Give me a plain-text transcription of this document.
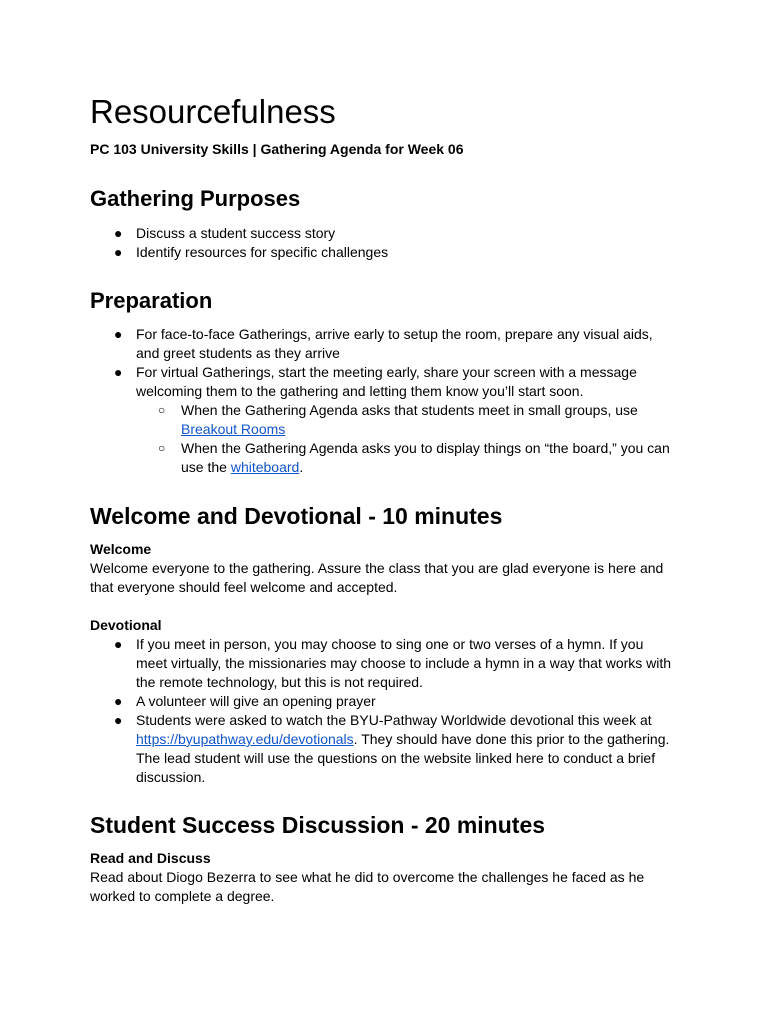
Resourcefulness
PC 103 University Skills | Gathering Agenda for Week 06
Gathering Purposes
● Discuss a student success story
● Identify resources for specific challenges
Preparation
● For face-to-face Gatherings, arrive early to setup the room, prepare any visual aids, and greet students as they arrive
● For virtual Gatherings, start the meeting early, share your screen with a message welcoming them to the gathering and letting them know you’ll start soon.
○ When the Gathering Agenda asks that students meet in small groups, use Breakout Rooms
○ When the Gathering Agenda asks you to display things on “the board,” you can use the whiteboard.
Welcome and Devotional - 10 minutes
Welcome
Welcome everyone to the gathering. Assure the class that you are glad everyone is here and that everyone should feel welcome and accepted.
Devotional
● If you meet in person, you may choose to sing one or two verses of a hymn. If you meet virtually, the missionaries may choose to include a hymn in a way that works with the remote technology, but this is not required.
● A volunteer will give an opening prayer
● Students were asked to watch the BYU-Pathway Worldwide devotional this week at https://byupathway.edu/devotionals. They should have done this prior to the gathering. The lead student will use the questions on the website linked here to conduct a brief discussion.
Student Success Discussion - 20 minutes
Read and Discuss
Read about Diogo Bezerra to see what he did to overcome the challenges he faced as he worked to complete a degree.
